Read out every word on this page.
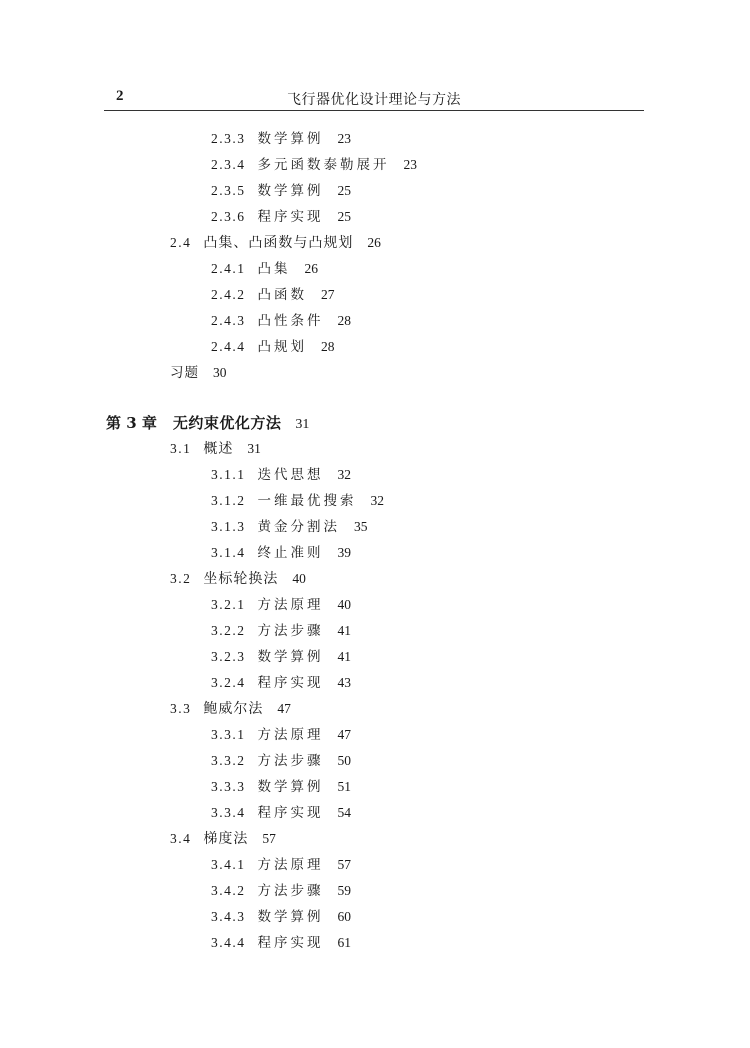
2	飞行器优化设计理论与方法
2.3.3 数学算例 23
2.3.4 多元函数泰勒展开 23
2.3.5 数学算例 25
2.3.6 程序实现 25
2.4 凸集、凸函数与凸规划 26
2.4.1 凸集 26
2.4.2 凸函数 27
2.4.3 凸性条件 28
2.4.4 凸规划 28
习题 30
第 3 章 无约束优化方法 31
3.1 概述 31
3.1.1 迭代思想 32
3.1.2 一维最优搜索 32
3.1.3 黄金分割法 35
3.1.4 终止准则 39
3.2 坐标轮换法 40
3.2.1 方法原理 40
3.2.2 方法步骤 41
3.2.3 数学算例 41
3.2.4 程序实现 43
3.3 鲍威尔法 47
3.3.1 方法原理 47
3.3.2 方法步骤 50
3.3.3 数学算例 51
3.3.4 程序实现 54
3.4 梯度法 57
3.4.1 方法原理 57
3.4.2 方法步骤 59
3.4.3 数学算例 60
3.4.4 程序实现 61
